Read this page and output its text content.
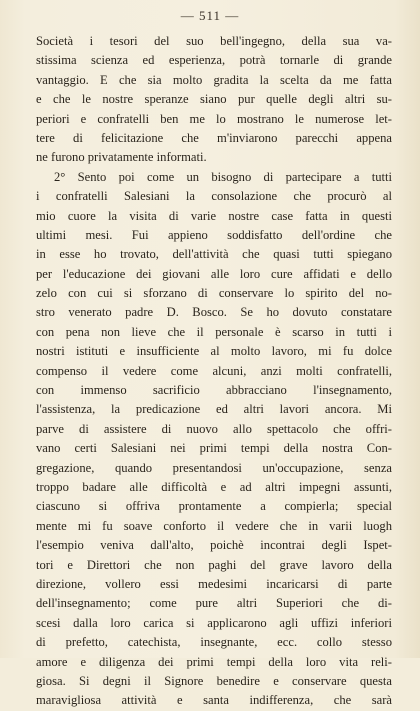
— 511 —
Società i tesori del suo bell'ingegno, della sua va-
stissima scienza ed esperienza, potrà tornarle di grande
vantaggio. E che sia molto gradita la scelta da me fatta
e che le nostre speranze siano pur quelle degli altri su-
periori e confratelli ben me lo mostrano le numerose let-
tere di felicitazione che m'inviarono parecchi appena
ne furono privatamente informati.
2° Sento poi come un bisogno di partecipare a tutti
i confratelli Salesiani la consolazione che procurò al
mio cuore la visita di varie nostre case fatta in questi
ultimi mesi. Fui appieno soddisfatto dell'ordine che
in esse ho trovato, dell'attività che quasi tutti spiegano
per l'educazione dei giovani alle loro cure affidati e dello
zelo con cui si sforzano di conservare lo spirito del no-
stro venerato padre D. Bosco. Se ho dovuto constatare
con pena non lieve che il personale è scarso in tutti i
nostri istituti e insufficiente al molto lavoro, mi fu dolce
compenso il vedere come alcuni, anzi molti confratelli,
con immenso sacrificio abbracciano l'insegnamento,
l'assistenza, la predicazione ed altri lavori ancora. Mi
parve di assistere di nuovo allo spettacolo che offri-
vano certi Salesiani nei primi tempi della nostra Con-
gregazione, quando presentandosi un'occupazione, senza
troppo badare alle difficoltà e ad altri impegni assunti,
ciascuno si offriva prontamente a compierla; special
mente mi fu soave conforto il vedere che in varii luogh
l'esempio veniva dall'alto, poichè incontrai degli Ispet-
tori e Direttori che non paghi del grave lavoro della
direzione, vollero essi medesimi incaricarsi di parte
dell'insegnamento; come pure altri Superiori che di-
scesi dalla loro carica si applicarono agli uffizi inferiori
di prefetto, catechista, insegnante, ecc. collo stesso
amore e diligenza dei primi tempi della loro vita reli-
giosa. Si degni il Signore benedire e conservare questa
maravigliosa attività e santa indifferenza, che sarà
